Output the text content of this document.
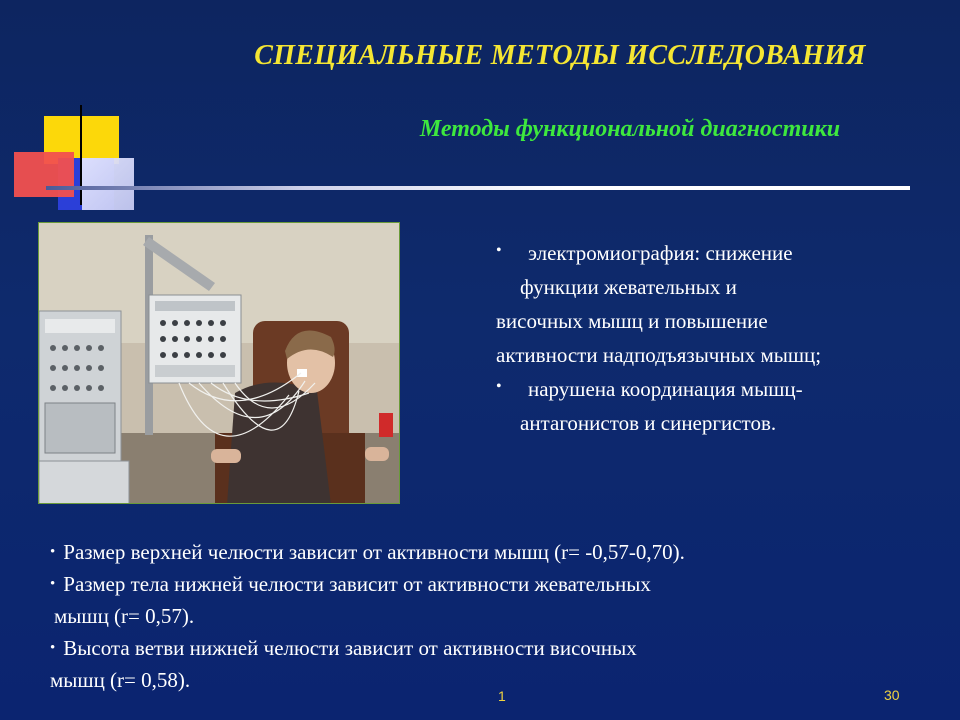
СПЕЦИАЛЬНЫЕ МЕТОДЫ ИССЛЕДОВАНИЯ
Методы функциональной диагностики
•	электромиография: снижение
функции жевательных и
височных мышц и повышение
активности надподъязычных мышц;
•	нарушена координация мышц-
антагонистов и синергистов.
• Размер верхней челюсти зависит от активности мышц (r= -0,57-0,70).
• Размер тела нижней челюсти зависит от активности жевательных
мышц (r= 0,57).
• Высота ветви нижней челюсти зависит от активности височных
мышц (r= 0,58).
1	30
